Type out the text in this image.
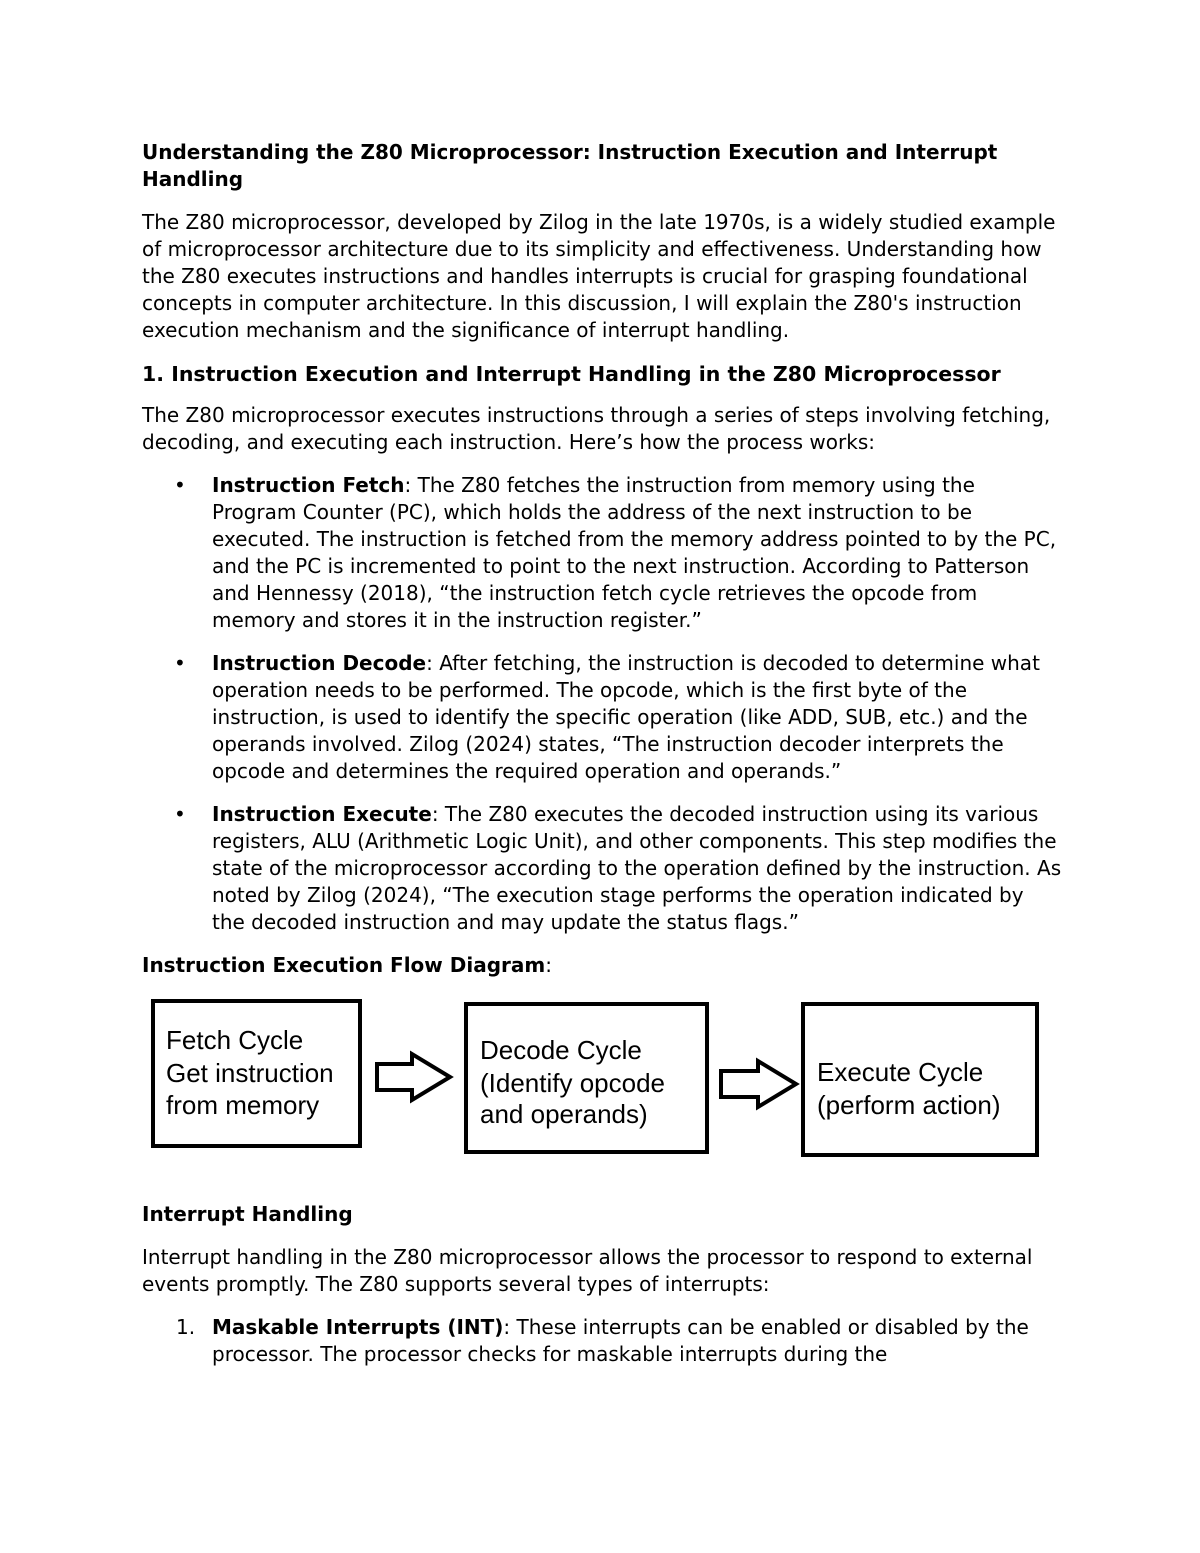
Understanding the Z80 Microprocessor: Instruction Execution and Interrupt Handling

The Z80 microprocessor, developed by Zilog in the late 1970s, is a widely studied example of microprocessor architecture due to its simplicity and effectiveness. Understanding how the Z80 executes instructions and handles interrupts is crucial for grasping foundational concepts in computer architecture. In this discussion, I will explain the Z80's instruction execution mechanism and the significance of interrupt handling.

1. Instruction Execution and Interrupt Handling in the Z80 Microprocessor

The Z80 microprocessor executes instructions through a series of steps involving fetching, decoding, and executing each instruction. Here’s how the process works:

• Instruction Fetch: The Z80 fetches the instruction from memory using the Program Counter (PC), which holds the address of the next instruction to be executed. The instruction is fetched from the memory address pointed to by the PC, and the PC is incremented to point to the next instruction. According to Patterson and Hennessy (2018), “the instruction fetch cycle retrieves the opcode from memory and stores it in the instruction register.”
• Instruction Decode: After fetching, the instruction is decoded to determine what operation needs to be performed. The opcode, which is the first byte of the instruction, is used to identify the specific operation (like ADD, SUB, etc.) and the operands involved. Zilog (2024) states, “The instruction decoder interprets the opcode and determines the required operation and operands.”
• Instruction Execute: The Z80 executes the decoded instruction using its various registers, ALU (Arithmetic Logic Unit), and other components. This step modifies the state of the microprocessor according to the operation defined by the instruction. As noted by Zilog (2024), “The execution stage performs the operation indicated by the decoded instruction and may update the status flags.”
Instruction Execution Flow Diagram:
Fetch Cycle
Get instruction
from memory
Decode Cycle
(Identify opcode
and operands)
Execute Cycle
(perform action)
Interrupt Handling

Interrupt handling in the Z80 microprocessor allows the processor to respond to external events promptly. The Z80 supports several types of interrupts:

1. Maskable Interrupts (INT): These interrupts can be enabled or disabled by the processor. The processor checks for maskable interrupts during the
